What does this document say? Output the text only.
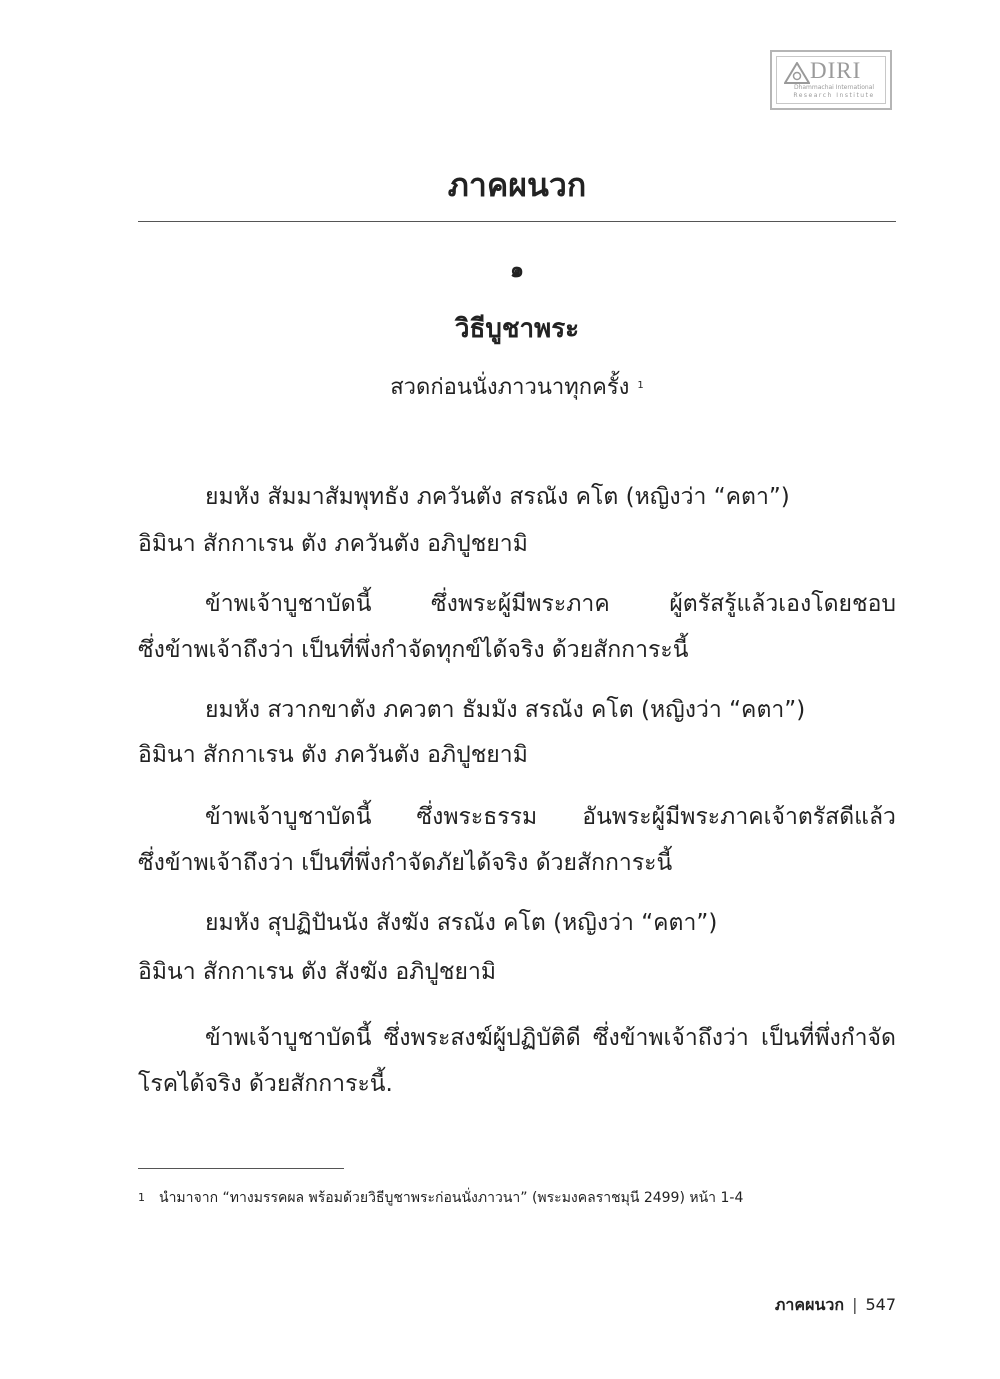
DIRI
Dhammachai International
Research Institute
ภาคผนวก
๑
วิธีบูชาพระ
สวดก่อนนั่งภาวนาทุกครั้ง $^1$
ยมหัง สัมมาสัมพุทธัง ภควันตัง สรณัง คโต (หญิงว่า “คตา”)
อิมินา สักกาเรน ตัง ภควันตัง อภิปูชยามิ
ข้าพเจ้าบูชาบัดนี้	ซึ่งพระผู้มีพระภาค	ผู้ตรัสรู้แล้วเองโดยชอบ
ซึ่งข้าพเจ้าถึงว่า เป็นที่พึ่งกำจัดทุกข์ได้จริง ด้วยสักการะนี้
ยมหัง สวากขาตัง ภควตา ธัมมัง สรณัง คโต (หญิงว่า “คตา”)
อิมินา สักกาเรน ตัง ภควันตัง อภิปูชยามิ
ข้าพเจ้าบูชาบัดนี้ ซึ่งพระธรรม อันพระผู้มีพระภาคเจ้าตรัสดีแล้ว
ซึ่งข้าพเจ้าถึงว่า เป็นที่พึ่งกำจัดภัยได้จริง ด้วยสักการะนี้
ยมหัง สุปฏิปันนัง สังฆัง สรณัง คโต (หญิงว่า “คตา”)
อิมินา สักกาเรน ตัง สังฆัง อภิปูชยามิ
ข้าพเจ้าบูชาบัดนี้ ซึ่งพระสงฆ์ผู้ปฏิบัติดี ซึ่งข้าพเจ้าถึงว่า เป็นที่พึ่งกำจัด
โรคได้จริง ด้วยสักการะนี้.
$^1$ นำมาจาก “ทางมรรคผล พร้อมด้วยวิธีบูชาพระก่อนนั่งภาวนา” (พระมงคลราชมุนี 2499) หน้า 1-4
ภาคผนวก | 547
